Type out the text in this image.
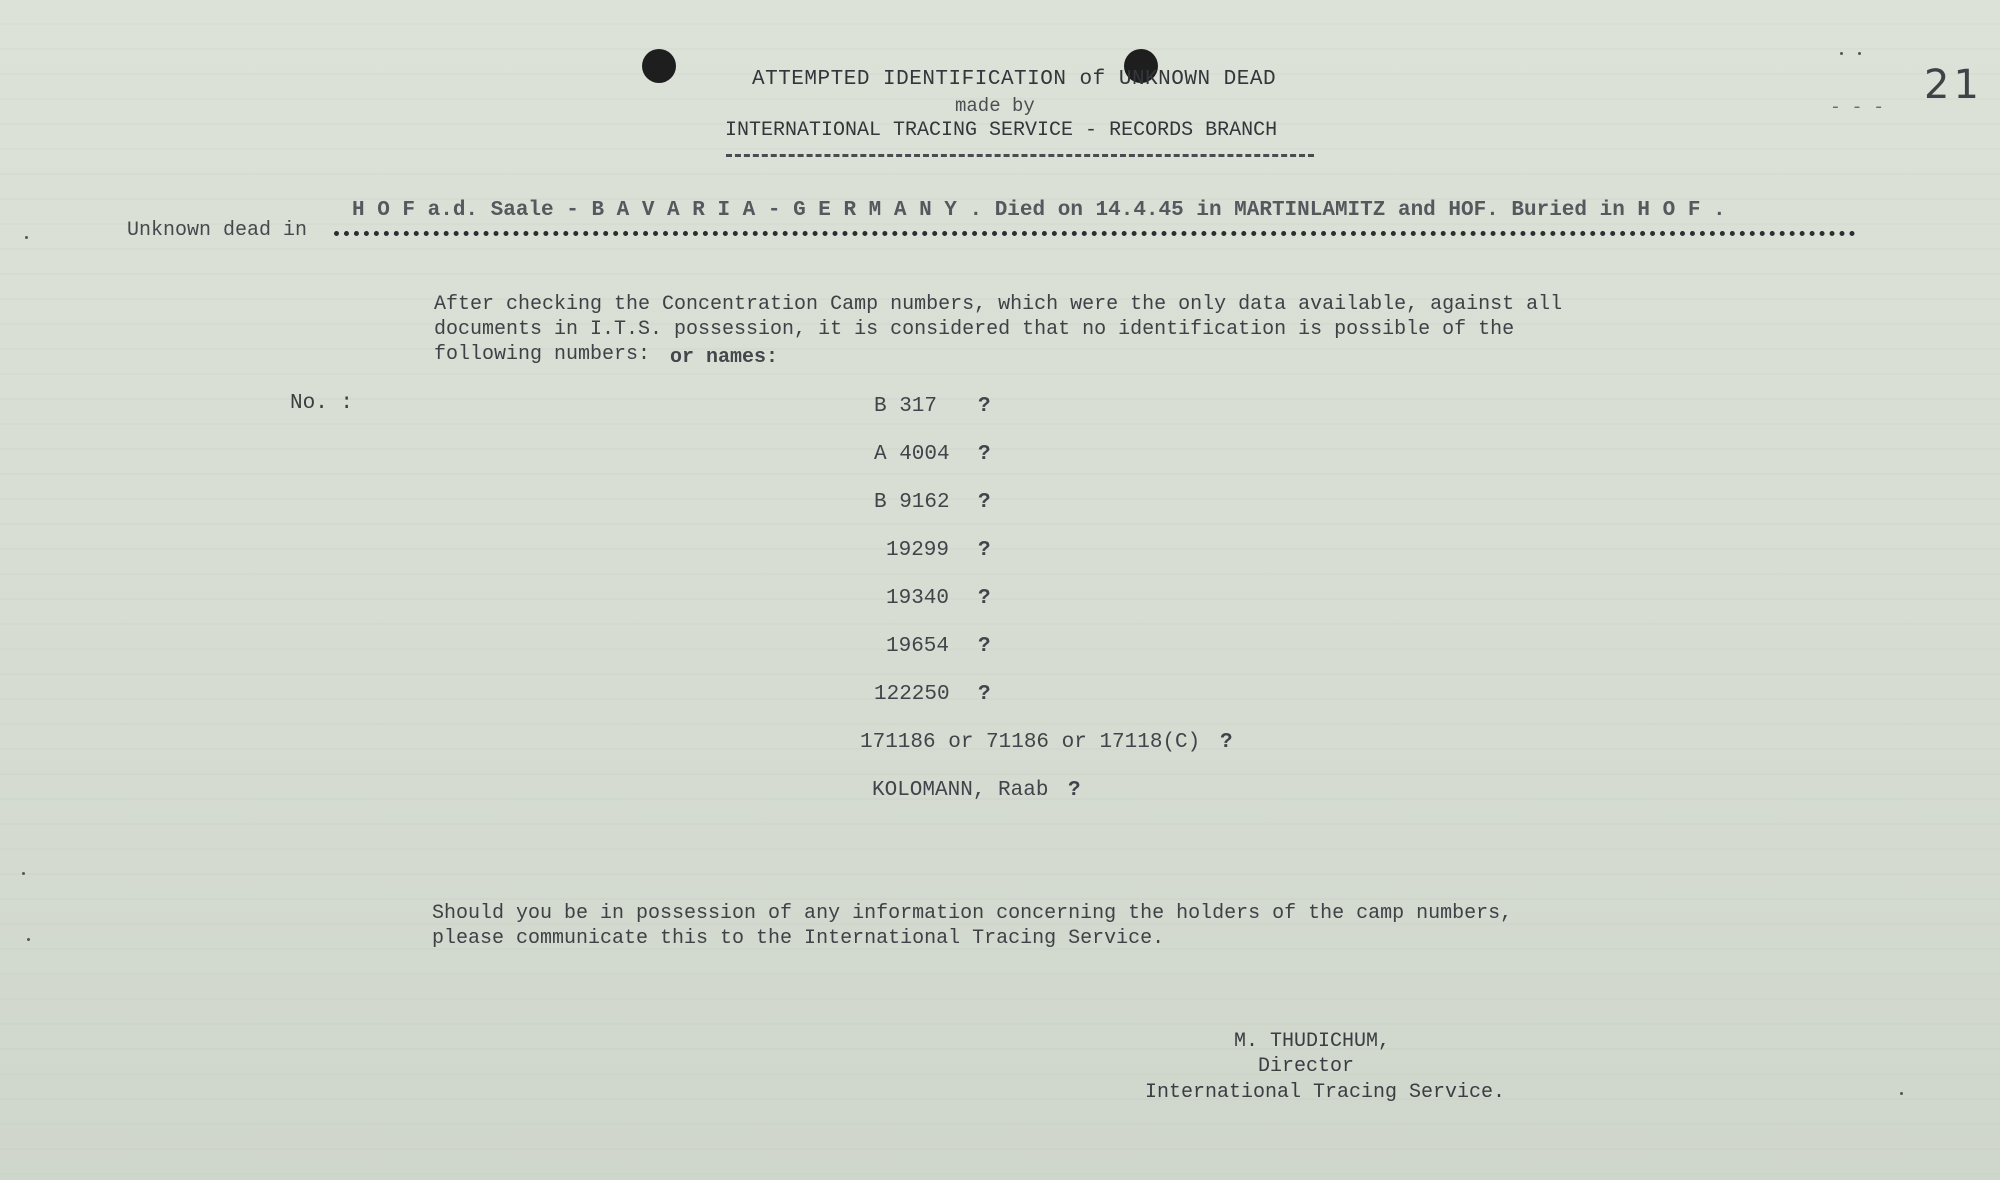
ATTEMPTED IDENTIFICATION of UNKNOWN DEAD
made by
INTERNATIONAL TRACING SERVICE - RECORDS BRANCH
21
- - -
Unknown dead in
H O F a.d. Saale - B A V A R I A - G E R M A N Y . Died on 14.4.45 in MARTINLAMITZ and HOF. Buried in H O F .
After checking the Concentration Camp numbers, which were the only data available, against all
documents in I.T.S. possession, it is considered that no identification is possible of the
following numbers: or names:
No. :	B 317 ?
A 4004 ?
B 9162 ?
19299 ?
19340 ?
19654 ?
122250 ?
171186 or 71186 or 17118(C) ?
KOLOMANN, Raab ?
Should you be in possession of any information concerning the holders of the camp numbers,
please communicate this to the International Tracing Service.
M. THUDICHUM,
Director
International Tracing Service.
